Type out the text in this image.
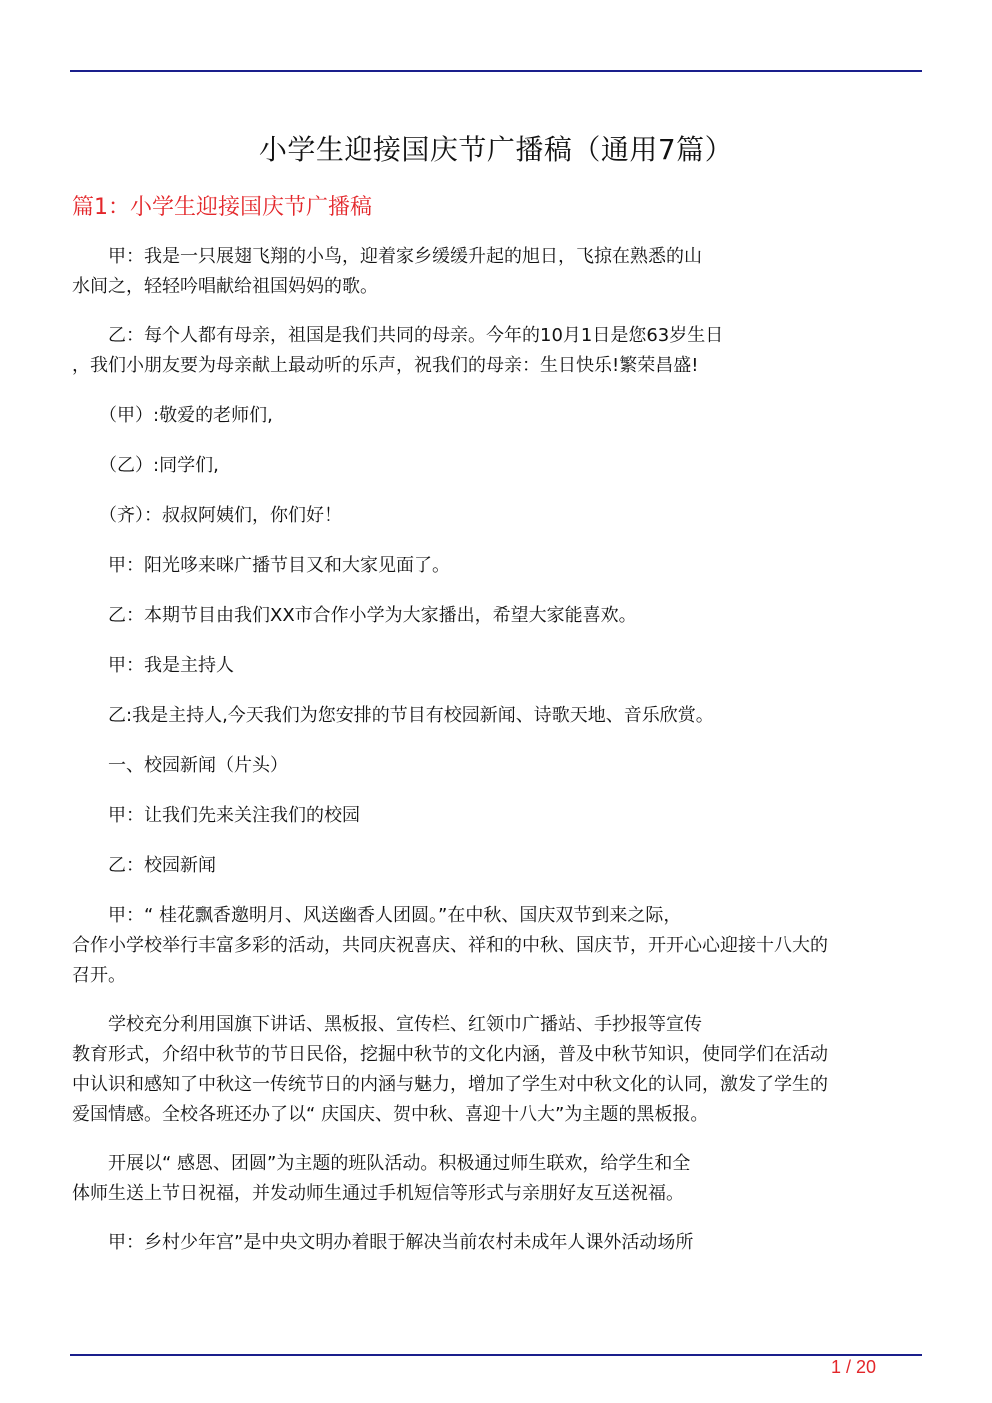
小学生迎接国庆节广播稿（通用7篇）
篇1：小学生迎接国庆节广播稿

　　甲：我是一只展翅飞翔的小鸟，迎着家乡缓缓升起的旭日，飞掠在熟悉的山
水间之，轻轻吟唱献给祖国妈妈的歌。

　　乙：每个人都有母亲，祖国是我们共同的母亲。今年的10月1日是您63岁生日
，我们小朋友要为母亲献上最动听的乐声，祝我们的母亲：生日快乐!繁荣昌盛!

　　（甲）:敬爱的老师们,

　　（乙）:同学们,

　　（齐）：叔叔阿姨们，你们好！

　　甲：阳光哆来咪广播节目又和大家见面了。

　　乙：本期节目由我们XX市合作小学为大家播出，希望大家能喜欢。

　　甲：我是主持人

　　乙:我是主持人,今天我们为您安排的节目有校园新闻、诗歌天地、音乐欣赏。

　　一、校园新闻（片头）

　　甲：让我们先来关注我们的校园

　　乙：校园新闻

　　甲：“ 桂花飘香邀明月、风送幽香人团圆。”在中秋、国庆双节到来之际，
合作小学校举行丰富多彩的活动，共同庆祝喜庆、祥和的中秋、国庆节，开开心心迎接十八大的
召开。

　　学校充分利用国旗下讲话、黑板报、宣传栏、红领巾广播站、手抄报等宣传
教育形式，介绍中秋节的节日民俗，挖掘中秋节的文化内涵，普及中秋节知识，使同学们在活动
中认识和感知了中秋这一传统节日的内涵与魅力，增加了学生对中秋文化的认同，激发了学生的
爱国情感。全校各班还办了以“ 庆国庆、贺中秋、喜迎十八大”为主题的黑板报。

　　开展以“ 感恩、团圆”为主题的班队活动。积极通过师生联欢，给学生和全
体师生送上节日祝福，并发动师生通过手机短信等形式与亲朋好友互送祝福。

　　甲：乡村少年宫”是中央文明办着眼于解决当前农村未成年人课外活动场所

1 / 20
